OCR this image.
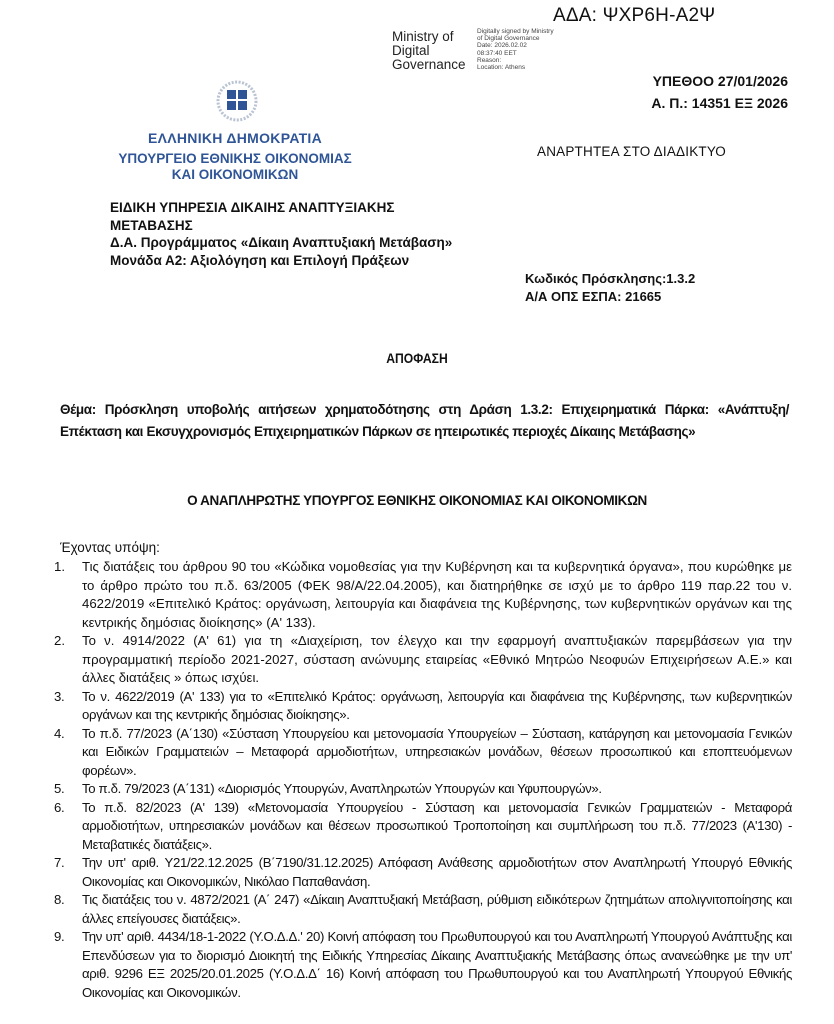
ΑΔΑ: ΨΧΡ6Η-Α2Ψ
Ministry of
Digital
Governance
Digitally signed by Ministry
of Digital Governance
Date: 2026.02.02
08:37:40 EET
Reason:
Location: Athens
ΥΠΕΘΟΟ 27/01/2026
Α. Π.: 14351 ΕΞ 2026
ΕΛΛΗΝΙΚΗ ΔΗΜΟΚΡΑΤΙΑ
ΥΠΟΥΡΓΕΙΟ ΕΘΝΙΚΗΣ ΟΙΚΟΝΟΜΙΑΣ
ΚΑΙ ΟΙΚΟΝΟΜΙΚΩΝ
ΑΝΑΡΤΗΤΕΑ ΣΤΟ ΔΙΑΔΙΚΤΥΟ
ΕΙΔΙΚΗ ΥΠΗΡΕΣΙΑ ΔΙΚΑΙΗΣ ΑΝΑΠΤΥΞΙΑΚΗΣ
ΜΕΤΑΒΑΣΗΣ
Δ.Α. Προγράμματος «Δίκαιη Αναπτυξιακή Μετάβαση»
Μονάδα Α2: Αξιολόγηση και Επιλογή Πράξεων
Κωδικός Πρόσκλησης:1.3.2
Α/Α ΟΠΣ ΕΣΠΑ: 21665
ΑΠΟΦΑΣΗ
Θέμα: Πρόσκληση υποβολής αιτήσεων χρηματοδότησης στη Δράση 1.3.2: Επιχειρηματικά Πάρκα: «Ανάπτυξη/ Επέκταση και Εκσυγχρονισμός Επιχειρηματικών Πάρκων σε ηπειρωτικές περιοχές Δίκαιης Μετάβασης»
Ο ΑΝΑΠΛΗΡΩΤΗΣ ΥΠΟΥΡΓΟΣ ΕΘΝΙΚΗΣ ΟΙΚΟΝΟΜΙΑΣ ΚΑΙ ΟΙΚΟΝΟΜΙΚΩΝ
Έχοντας υπόψη:
1. Τις διατάξεις του άρθρου 90 του «Κώδικα νομοθεσίας για την Κυβέρνηση και τα κυβερνητικά όργανα», που κυρώθηκε με το άρθρο πρώτο του π.δ. 63/2005 (ΦΕΚ 98/Α/22.04.2005), και διατηρήθηκε σε ισχύ με το άρθρο 119 παρ.22 του ν. 4622/2019 «Επιτελικό Κράτος: οργάνωση, λειτουργία και διαφάνεια της Κυβέρνησης, των κυβερνητικών οργάνων και της κεντρικής δημόσιας διοίκησης» (Α' 133).
2. Το ν. 4914/2022 (Α' 61) για τη «Διαχείριση, τον έλεγχο και την εφαρμογή αναπτυξιακών παρεμβάσεων για την προγραμματική περίοδο 2021-2027, σύσταση ανώνυμης εταιρείας «Εθνικό Μητρώο Νεοφυών Επιχειρήσεων Α.Ε.» και άλλες διατάξεις » όπως ισχύει.
3. Το ν. 4622/2019 (Α' 133) για το «Επιτελικό Κράτος: οργάνωση, λειτουργία και διαφάνεια της Κυβέρνησης, των κυβερνητικών οργάνων και της κεντρικής δημόσιας διοίκησης».
4. Το π.δ. 77/2023 (Α΄130) «Σύσταση Υπουργείου και μετονομασία Υπουργείων – Σύσταση, κατάργηση και μετονομασία Γενικών και Ειδικών Γραμματειών – Μεταφορά αρμοδιοτήτων, υπηρεσιακών μονάδων, θέσεων προσωπικού και εποπτευόμενων φορέων».
5. Το π.δ. 79/2023 (Α΄131) «Διορισμός Υπουργών, Αναπληρωτών Υπουργών και Υφυπουργών».
6. Το π.δ. 82/2023 (Α' 139) «Μετονομασία Υπουργείου - Σύσταση και μετονομασία Γενικών Γραμματειών - Μεταφορά αρμοδιοτήτων, υπηρεσιακών μονάδων και θέσεων προσωπικού Τροποποίηση και συμπλήρωση του π.δ. 77/2023 (Α'130) - Μεταβατικές διατάξεις».
7. Την υπ' αριθ. Υ21/22.12.2025 (Β΄7190/31.12.2025) Απόφαση Ανάθεσης αρμοδιοτήτων στον Αναπληρωτή Υπουργό Εθνικής Οικονομίας και Οικονομικών, Νικόλαο Παπαθανάση.
8. Τις διατάξεις του ν. 4872/2021 (Α΄ 247) «Δίκαιη Αναπτυξιακή Μετάβαση, ρύθμιση ειδικότερων ζητημάτων απολιγνιτοποίησης και άλλες επείγουσες διατάξεις».
9. Την υπ' αριθ. 4434/18-1-2022 (Υ.Ο.Δ.Δ.' 20) Κοινή απόφαση του Πρωθυπουργού και του Αναπληρωτή Υπουργού Ανάπτυξης και Επενδύσεων για το διορισμό Διοικητή της Ειδικής Υπηρεσίας Δίκαιης Αναπτυξιακής Μετάβασης όπως ανανεώθηκε με την υπ' αριθ. 9296 ΕΞ 2025/20.01.2025 (Υ.Ο.Δ.Δ΄ 16) Κοινή απόφαση του Πρωθυπουργού και του Αναπληρωτή Υπουργού Εθνικής Οικονομίας και Οικονομικών.
